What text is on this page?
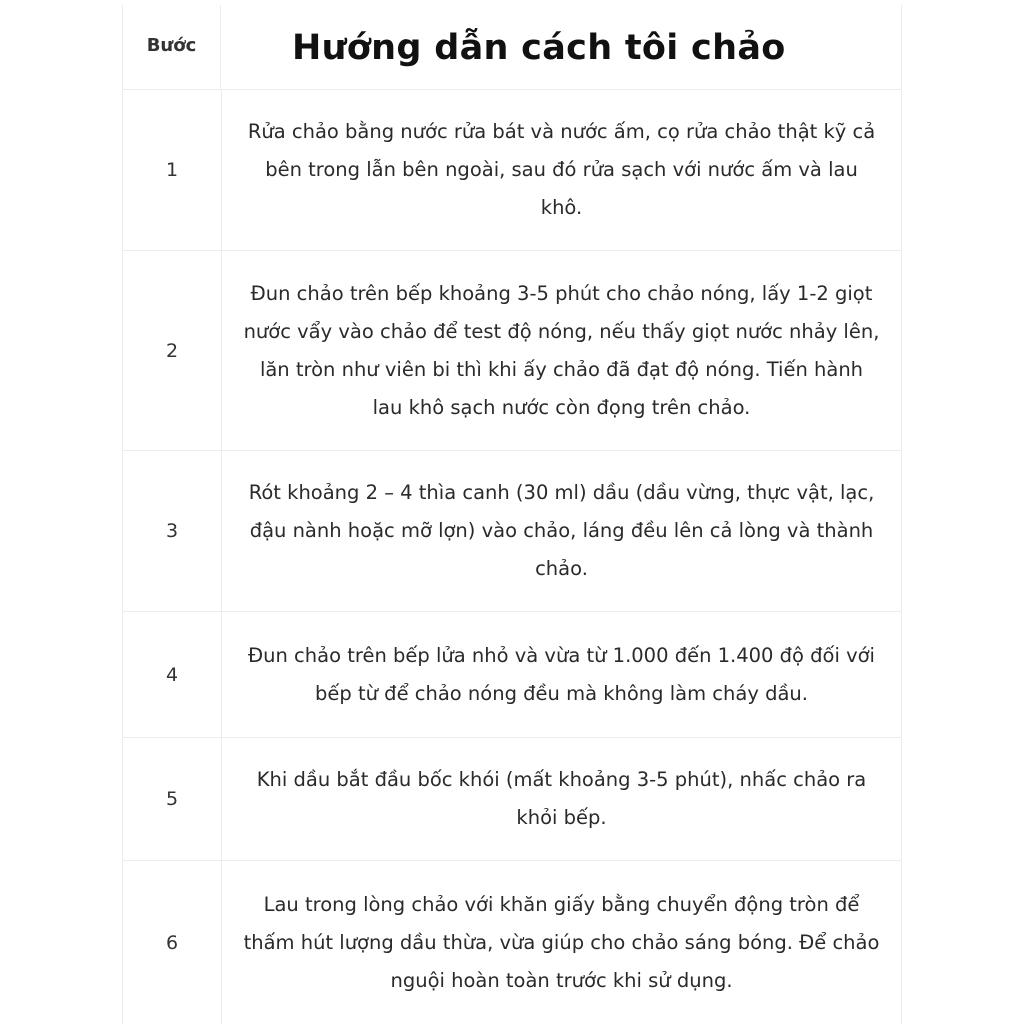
Bước
1
Rửa chảo bằng nước rửa bát và nước ấm, cọ rửa chảo thật kỹ cả bên trong lẫn bên ngoài, sau đó rửa sạch với nước ấm và lau khô.
2
Đun chảo trên bếp khoảng 3-5 phút cho chảo nóng, lấy 1-2 giọt nước vẩy vào chảo để test độ nóng, nếu thấy giọt nước nhảy lên, lăn tròn như viên bi thì khi ấy chảo đã đạt độ nóng. Tiến hành lau khô sạch nước còn đọng trên chảo.
3
Rót khoảng 2 – 4 thìa canh (30 ml) dầu (dầu vừng, thực vật, lạc, đậu nành hoặc mỡ lợn) vào chảo, láng đều lên cả lòng và thành chảo.
4
Đun chảo trên bếp lửa nhỏ và vừa từ 1.000 đến 1.400 độ đối với bếp từ để chảo nóng đều mà không làm cháy dầu.
5
Khi dầu bắt đầu bốc khói (mất khoảng 3-5 phút), nhấc chảo ra khỏi bếp.
6
Lau trong lòng chảo với khăn giấy bằng chuyển động tròn để thấm hút lượng dầu thừa, vừa giúp cho chảo sáng bóng. Để chảo nguội hoàn toàn trước khi sử dụng.
Hướng dẫn cách tôi chảo
